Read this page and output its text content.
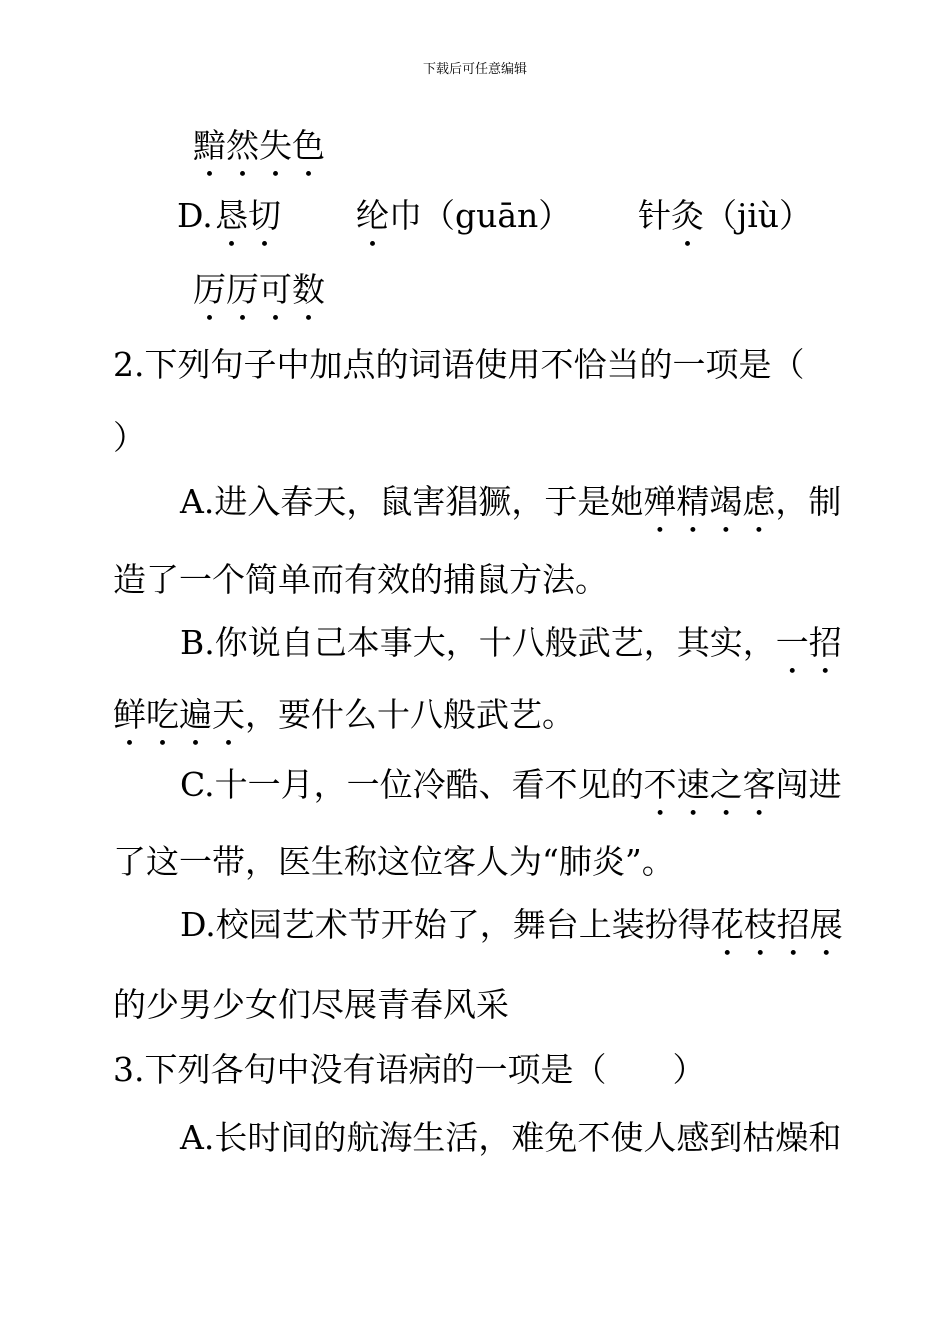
下载后可任意编辑
黯然失色
D. 恳切 纶巾（guān） 针灸（jiù）
厉厉可数
2.下列句子中加点的词语使用不恰当的一项是（
）
A.进入春天，鼠害猖獗，于是她殚精竭虑，制
造了一个简单而有效的捕鼠方法。
B.你说自己本事大，十八般武艺，其实，一招
鲜吃遍天，要什么十八般武艺。
C.十一月，一位冷酷、看不见的不速之客闯进
了这一带，医生称这位客人为“肺炎”。
D.校园艺术节开始了，舞台上装扮得花枝招展
的少男少女们尽展青春风采
3.下列各句中没有语病的一项是（　　）
A.长时间的航海生活，难免不使人感到枯燥和
